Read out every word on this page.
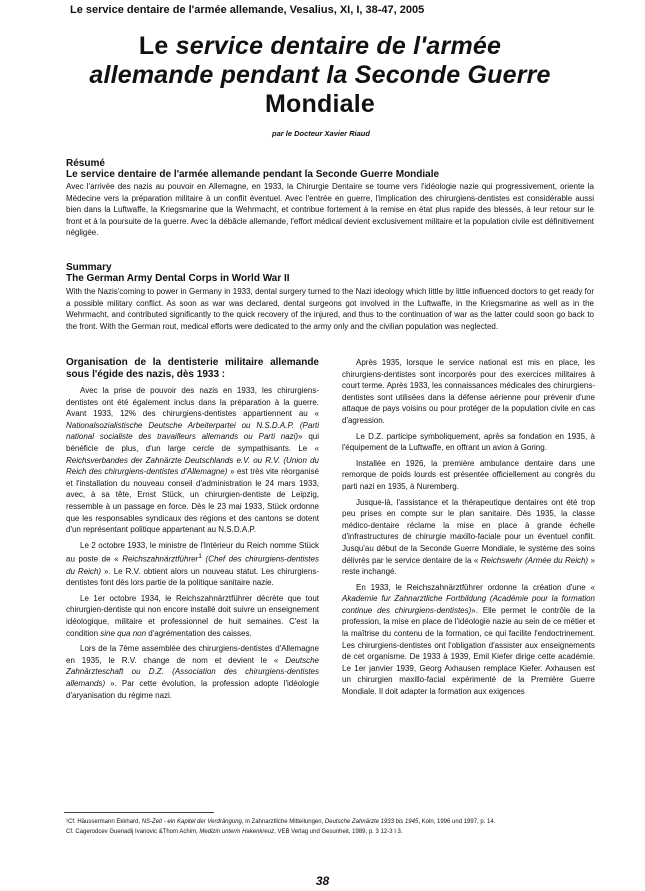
Le service dentaire de l'armée allemande, Vesalius, XI, I, 38-47, 2005
Le service dentaire de l'armée
allemande pendant la Seconde Guerre
Mondiale
par le Docteur Xavier Riaud
Résumé
Le service dentaire de l'armée allemande pendant la Seconde Guerre Mondiale
Avec l'arrivée des nazis au pouvoir en Allemagne, en 1933, la Chirurgie Dentaire se tourne vers l'idéologie nazie qui progressivement, oriente la Médecine vers la préparation militaire à un conflit éventuel. Avec l'entrée en guerre, l'implication des chirurgiens-dentistes est considérable aussi bien dans la Luftwaffe, la Kriegsmarine que la Wehrmacht, et contribue fortement à la remise en état plus rapide des blessés, à leur retour sur le front et à la poursuite de la guerre. Avec la débâcle allemande, l'effort médical devient exclusivement militaire et la population civile est définitivement négligée.
Summary
The German Army Dental Corps in World War II
With the Nazis'coming to power in Germany in 1933, dental surgery turned to the Nazi ideology which little by little influenced doctors to get ready for a possible military conflict. As soon as war was declared, dental surgeons got involved in the Luftwaffe, in the Kriegsmarine as well as in the Wehrmacht, and contributed significantly to the quick recovery of the injured, and thus to the continuation of war as the latter could soon go back to the front. With the German rout, medical efforts were dedicated to the army only and the civilian population was neglected.

Organisation de la dentisterie militaire allemande sous l'égide des nazis, dès 1933 :

Avec la prise de pouvoir des nazis en 1933, les chirurgiens-dentistes ont été également inclus dans la préparation à la guerre. Avant 1933, 12% des chirurgiens-dentistes appartiennent au « Nationalsozialistische Deutsche Arbeiterpartei ou N.S.D.A.P. (Parti national socialiste des travailleurs allemands ou Parti nazi)» qui bénéficie de plus, d'un large cercle de sympathisants. Le « Reichsverbandes der Zahnärzte Deutschlands e.V. ou R.V. (Union du Reich des chirurgiens-dentistes d'Allemagne) » est très vite réorganisé et l'installation du nouveau conseil d'administration le 24 mars 1933, avec, à sa tête, Ernst Stück, un chirurgien-dentiste de Leipzig, ressemble à un passage en force. Dès le 23 mai 1933, Stück ordonne que les responsables syndicaux des régions et des cantons se dotent d'un représentant politique appartenant au N.S.D.A.P.

Le 2 octobre 1933, le ministre de l'Intérieur du Reich nomme Stück au poste de « Reichszahnärztführer$^1$ (Chef des chirurgiens-dentistes du Reich) ». Le R.V. obtient alors un nouveau statut. Les chirurgiens-dentistes font dès lors partie de la politique sanitaire nazie.

Le 1er octobre 1934, le Reichszahnärztführer décrète que tout chirurgien-dentiste qui non encore installé doit suivre un enseignement idéologique, militaire et professionnel de huit semaines. C'est la condition sine qua non d'agrémentation des caisses.

Lors de la 7ème assemblée des chirurgiens-dentistes d'Allemagne en 1935, le R.V. change de nom et devient le « Deutsche Zahnärzteschaft ou D.Z. (Association des chirurgiens-dentistes allemands) ». Par cette évolution, la profession adopte l'idéologie d'aryanisation du régime nazi.

Après 1935, lorsque le service national est mis en place, les chirurgiens-dentistes sont incorporés pour des exercices militaires à court terme. Après 1933, les connaissances médicales des chirurgiens-dentistes sont utilisées dans la défense aérienne pour prévenir d'une attaque de pays voisins ou pour protéger de la population civile en cas d'agression.

Le D.Z. participe symboliquement, après sa fondation en 1935, à l'équipement de la Luftwaffe, en offrant un avion à Goring.

Installée en 1926, la première ambulance dentaire dans une remorque de poids lourds est présentée officiellement au congrès du parti nazi en 1935, à Nuremberg.

Jusque-là, l'assistance et la thérapeutique dentaires ont été trop peu prises en compte sur le plan sanitaire. Dès 1935, la classe médico-dentaire réclame la mise en place à grande échelle d'infrastructures de chirurgie maxillo-faciale pour un éventuel conflit. Jusqu'au début de la Seconde Guerre Mondiale, le système des soins délivrés par le service dentaire de la « Reichswehr (Armée du Reich) » reste inchangé.

En 1933, le Reichszahnärztführer ordonne la création d'une « Akademie fur Zahnarztliche Fortbildung (Académie pour la formation continue des chirurgiens-dentistes)». Elle permet le contrôle de la profession, la mise en place de l'idéologie nazie au sein de ce métier et la maîtrise du contenu de la formation, ce qui facilite l'endoctrinement. Les chirurgiens-dentistes ont l'obligation d'assister aux enseignements de cet organisme. De 1933 à 1939, Emil Kiefer dirige cette académie. Le 1er janvier 1939, Georg Axhausen remplace Kiefer. Axhausen est un chirurgien maxillo-facial expérimenté de la Première Guerre Mondiale. Il doit adapter la formation aux exigences

¹Cf. Häussermann Ekkhard, NS-Zeit - ein Kapitel der Verdrängung, in Zahnarztliche Mitteilungen, Deutsche Zahnärzte 1933 bis 1945, Koln, 1996 und 1997, p. 14.
Cf. Cagerodcev Guenadij Ivanovic &Thom Achim, Medizin unterm Hakenkreuz, VEB Verlag und Gesunheit, 1989, p. 3 12-3 I 3.
38
